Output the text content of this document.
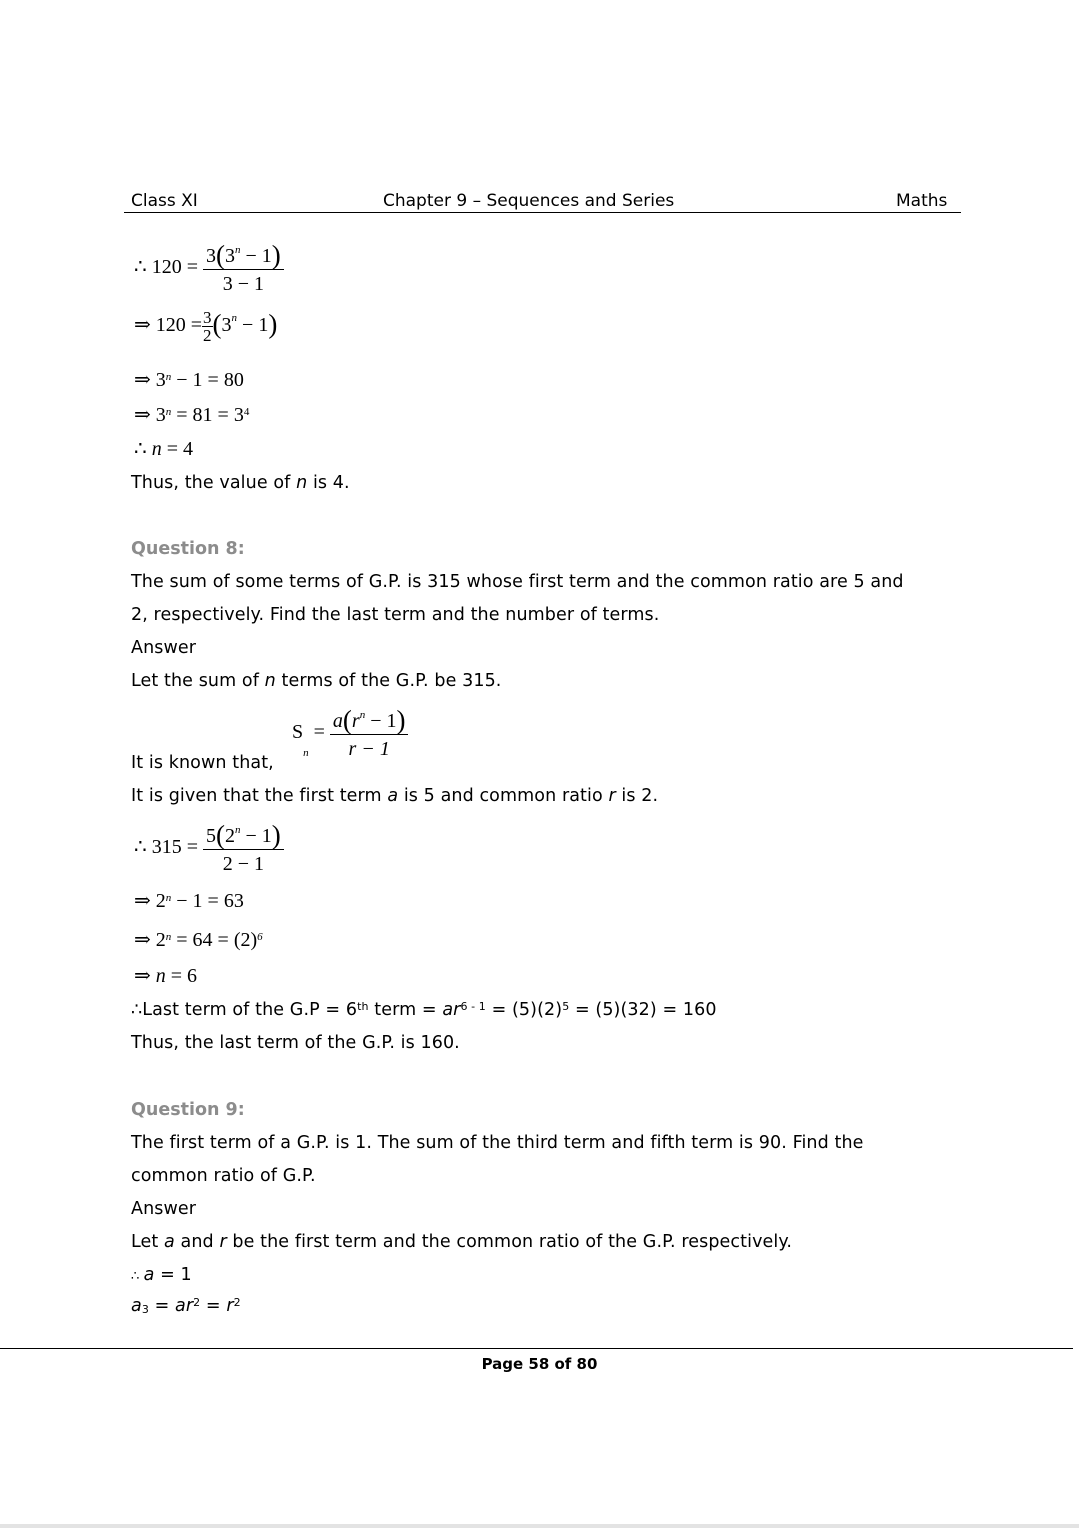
Class XI	Chapter 9 – Sequences and Series	Maths
∴ $120 = \frac{3(3^n - 1)}{3 - 1}$
⇒ $120 = \frac{3}{2} (3^n - 1)$
⇒ $3^n - 1 = 80$
⇒ $3^n = 81 = 3^4$
∴ n = 4
Thus, the value of n is 4.
Question 8:
The sum of some terms of G.P. is 315 whose first term and the common ratio are 5 and
2, respectively. Find the last term and the number of terms.
Answer
Let the sum of n terms of the G.P. be 315.
It is known that,
$S_n = \frac{a(r^n - 1)}{r - 1}$
It is given that the first term a is 5 and common ratio r is 2.
∴ $315 = \frac{5(2^n - 1)}{2 - 1}$
⇒ $2^n - 1 = 63$
⇒ $2^n = 64 = (2)^6$
⇒ n = 6
∴Last term of the G.P = 6th term = $ar^{6 - 1} = (5)(2)^5 = (5)(32) = 160$
Thus, the last term of the G.P. is 160.
Question 9:
The first term of a G.P. is 1. The sum of the third term and fifth term is 90. Find the
common ratio of G.P.
Answer
Let a and r be the first term and the common ratio of the G.P. respectively.
∴ a = 1
$a_3 = ar^2 = r^2$
Page 58 of 80
